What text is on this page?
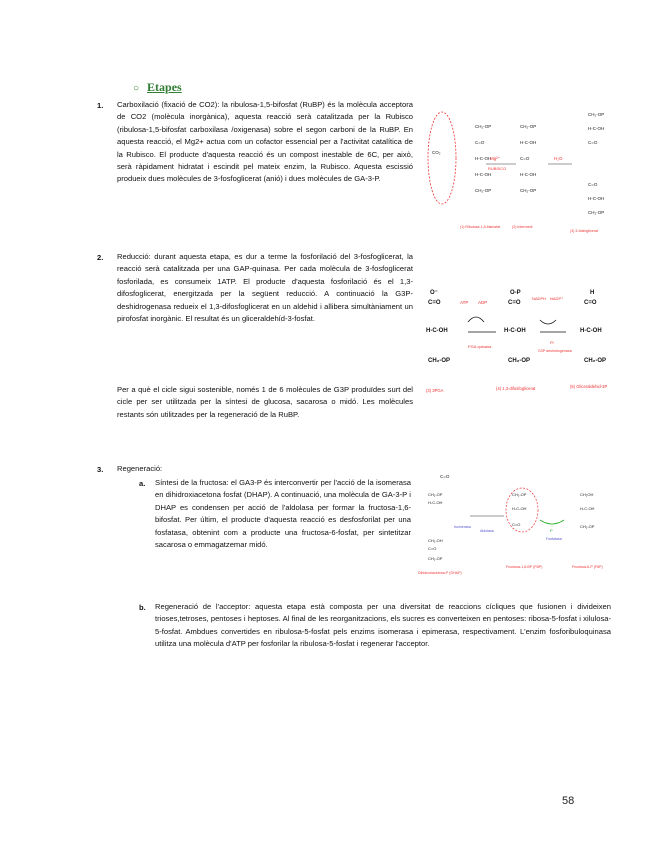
○ Etapes
1. Carboxilació (fixació de CO2): la ribulosa-1,5-bifosfat (RuBP) és la molècula acceptora de CO2 (molècula inorgànica), aquesta reacció serà catalitzada per la Rubisco (ribulosa-1,5-bifosfat carboxilasa /oxigenasa) sobre el segon carboni de la RuBP. En aquesta reacció, el Mg2+ actua com un cofactor essencial per a l'activitat catalítica de la Rubisco. El producte d'aquesta reacció és un compost inestable de 6C, per això, serà ràpidament hidratat i escindit pel mateix enzim, la Rubisco. Aquesta escissió produeix dues molècules de 3-fosfoglicerat (anió) i dues molècules de GA-3-P.
CO₂
CH₂-OP
C=O
H-C-OH
H-C-OH
CH₂-OP
Mg²⁺
RUBISCO
CH₂-OP
H-C-OH
C=O
H-C-OH
CH₂-OP
H₂O
CH₂-OP
H-C-OH
C=O
C=O
H-C-OH
CH₂-OP
(1) Ribulosa-1,5-bisfosfat	(2) Intermedi
(3) 3-fosfoglicerat
2. Reducció: durant aquesta etapa, es dur a terme la fosforilació del 3-fosfoglicerat, la reacció serà catalitzada per una GAP-quinasa. Per cada molècula de 3-fosfoglicerat fosforilada, es consumeix 1ATP. El producte d'aquesta fosforilació és el 1,3-difosfoglicerat, energitzada per la següent reducció. A continuació la G3P-deshidrogenasa redueix el 1,3-difosfoglicerat en un aldehid i allibera simultàniament un pirofosfat inorgànic. El resultat és un gliceraldehíd-3-fosfat.
Per a què el cicle sigui sostenible, només 1 de 6 molècules de G3P produïdes surt del cicle per ser utilitzada per la síntesi de glucosa, sacarosa o midó. Les molècules restants són utilitzades per la regeneració de la RuBP.
O⁻
C=O
H-C-OH
CH₂-OP
ATP ADP
PGA quinasa
O-P
C=O
H-C-OH
CH₂-OP
NADPH NADP⁺
Pi
G3P deshidrogenasa
H
C=O
H-C-OH
CH₂-OP
(3) 3PGA	(4) 1,3-difosfoglicerat	(5) Gliceraldehid-3P
3. Regeneració:
a. Síntesi de la fructosa: el GA3-P és interconvertir per l'acció de la isomerasa en dihidroxiacetona fosfat (DHAP). A continuació, una molècula de GA-3-P i DHAP es condensen per acció de l'aldolasa per formar la fructosa-1,6-bifosfat. Per últim, el producte d'aquesta reacció es desfosforilat per una fosfatasa, obtenint com a producte una fructosa-6-fosfat, per sintetitzar sacarosa o emmagatzemar midó.
C=O
CH₂-OP
H-C-OH
Isomerasa
CH₂-OH
C=O
CH₂-OP
CH₂-OP
H-C-OH
C=O
Aldolasa	P
Fosfatasa
CH₂OH
H-C-OH
CH₂-OP
Dihidroxiacetona-P (DHAP)
Fructosa-1,6-BP (FBP)	Fructosa-6-P (F6P)
b. Regeneració de l'acceptor: aquesta etapa està composta per una diversitat de reaccions cícliques que fusionen i divideixen trioses,tetroses, pentoses i heptoses. Al final de les reorganitzacions, els sucres es converteixen en pentoses: ribosa-5-fosfat i xilulosa-5-fosfat. Ambdues convertides en ribulosa-5-fosfat pels enzims isomerasa i epimerasa, respectivament. L'enzim fosforibuloquinasa utilitza una molècula d'ATP per fosforilar la ribulosa-5-fosfat i regenerar l'acceptor.
58
